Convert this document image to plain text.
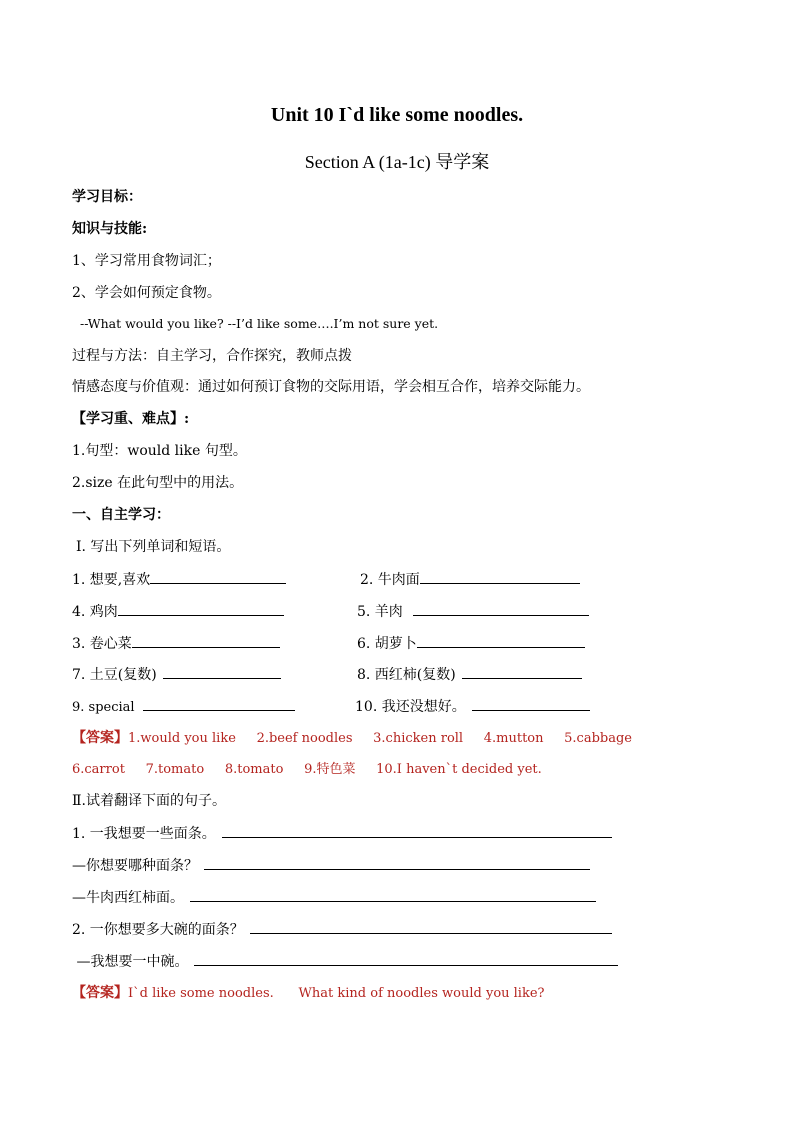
Unit 10 I`d like some noodles.
Section A (1a-1c) 导学案
学习目标：
知识与技能:
1、学习常用食物词汇；
2、学会如何预定食物。
--What would you like? --I’d like some….I’m not sure yet.
过程与方法：自主学习，合作探究，教师点拨
情感态度与价值观：通过如何预订食物的交际用语，学会相互合作，培养交际能力。
【学习重、难点】:
1.句型：would like 句型。
2.size 在此句型中的用法。
一、自主学习：
Ⅰ. 写出下列单词和短语。
1. 想要,喜欢	2. 牛肉面
4. 鸡肉	5. 羊肉
3. 卷心菜	6. 胡萝卜
7. 土豆(复数)	8. 西红柿(复数)
9. special	10. 我还没想好。
【答案】1.would you like     2.beef noodles     3.chicken roll     4.mutton     5.cabbage
6.carrot     7.tomato     8.tomato     9.特色菜     10.I haven`t decided yet.
Ⅱ.试着翻译下面的句子。
1. 一我想要一些面条。
—你想要哪种面条？
—牛肉西红柿面。
2. 一你想要多大碗的面条？
—我想要一中碗。
【答案】I`d like some noodles.      What kind of noodles would you like?
